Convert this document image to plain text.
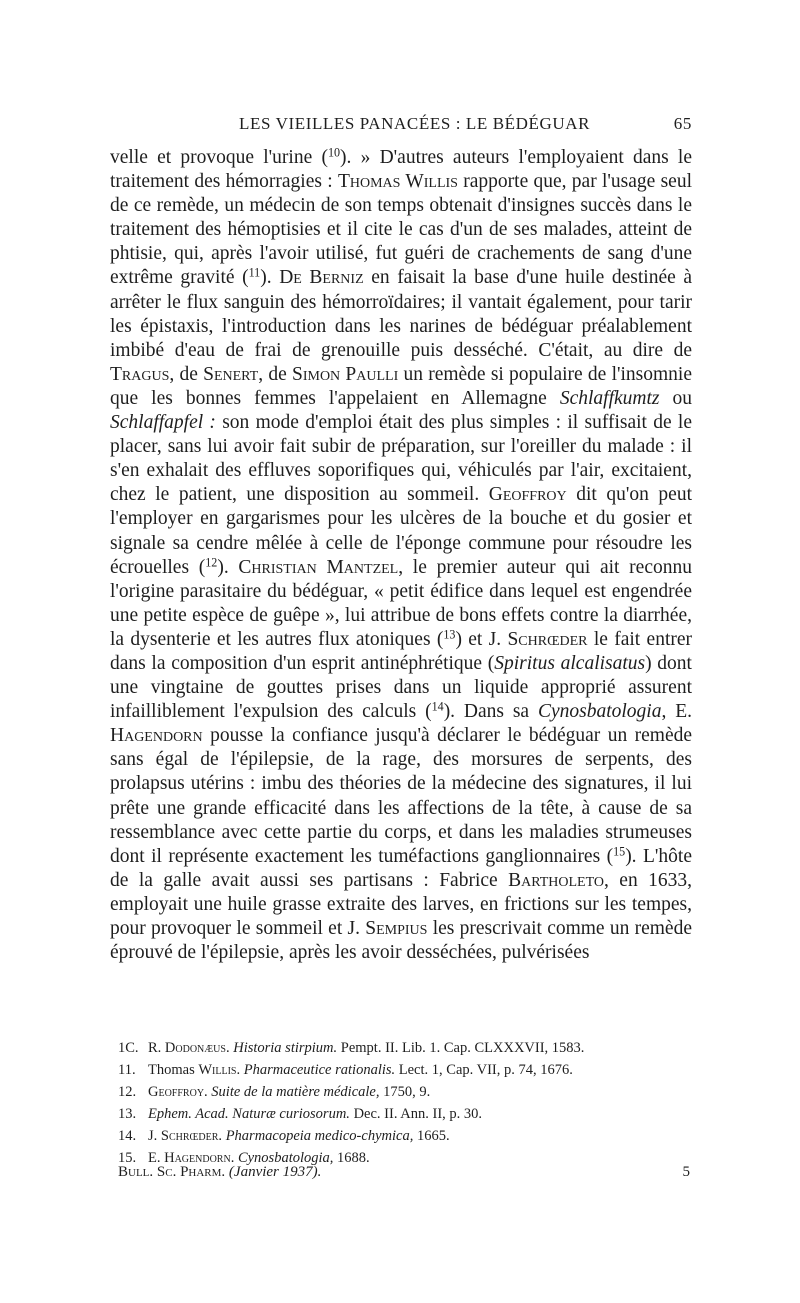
LES VIEILLES PANACÉES : LE BÉDÉGUAR	65

velle et provoque l'urine ($^{10}$). » D'autres auteurs l'employaient dans le traitement des hémorragies : Thomas Willis rapporte que, par l'usage seul de ce remède, un médecin de son temps obtenait d'insignes succès dans le traitement des hémoptisies et il cite le cas d'un de ses malades, atteint de phtisie, qui, après l'avoir utilisé, fut guéri de crachements de sang d'une extrême gravité ($^{11}$). De Berniz en faisait la base d'une huile destinée à arrêter le flux sanguin des hémorroïdaires; il vantait également, pour tarir les épistaxis, l'introduction dans les narines de bédéguar préalablement imbibé d'eau de frai de grenouille puis desséché. C'était, au dire de Tragus, de Senert, de Simon Paulli un remède si populaire de l'insomnie que les bonnes femmes l'appelaient en Allemagne Schlaffkumtz ou Schlaffapfel : son mode d'emploi était des plus simples : il suffisait de le placer, sans lui avoir fait subir de préparation, sur l'oreiller du malade : il s'en exhalait des effluves soporifiques qui, véhiculés par l'air, excitaient, chez le patient, une disposition au sommeil. Geoffroy dit qu'on peut l'employer en gargarismes pour les ulcères de la bouche et du gosier et signale sa cendre mêlée à celle de l'éponge commune pour résoudre les écrouelles ($^{12}$). Christian Mantzel, le premier auteur qui ait reconnu l'origine parasitaire du bédéguar, « petit édifice dans lequel est engendrée une petite espèce de guêpe », lui attribue de bons effets contre la diarrhée, la dysenterie et les autres flux atoniques ($^{13}$) et J. Schrœder le fait entrer dans la composition d'un esprit antinéphrétique (Spiritus alcalisatus) dont une vingtaine de gouttes prises dans un liquide approprié assurent infailliblement l'expulsion des calculs ($^{14}$). Dans sa Cynosbatologia, E. Hagendorn pousse la confiance jusqu'à déclarer le bédéguar un remède sans égal de l'épilepsie, de la rage, des morsures de serpents, des prolapsus utérins : imbu des théories de la médecine des signatures, il lui prête une grande efficacité dans les affections de la tête, à cause de sa ressemblance avec cette partie du corps, et dans les maladies strumeuses dont il représente exactement les tuméfactions ganglionnaires ($^{15}$). L'hôte de la galle avait aussi ses partisans : Fabrice Bartholeto, en 1633, employait une huile grasse extraite des larves, en frictions sur les tempes, pour provoquer le sommeil et J. Sempius les prescrivait comme un remède éprouvé de l'épilepsie, après les avoir desséchées, pulvérisées

1C. R. Dodonæus. Historia stirpium. Pempt. II. Lib. 1. Cap. CLXXXVII, 1583.
11. Thomas Willis. Pharmaceutice rationalis. Lect. 1, Cap. VII, p. 74, 1676.
12. Geoffroy. Suite de la matière médicale, 1750, 9.
13. Ephem. Acad. Naturæ curiosorum. Dec. II. Ann. II, p. 30.
14. J. Schrœder. Pharmacopeia medico-chymica, 1665.
15. E. Hagendorn. Cynosbatologia, 1688.
Bull. Sc. Pharm. (Janvier 1937).	5
